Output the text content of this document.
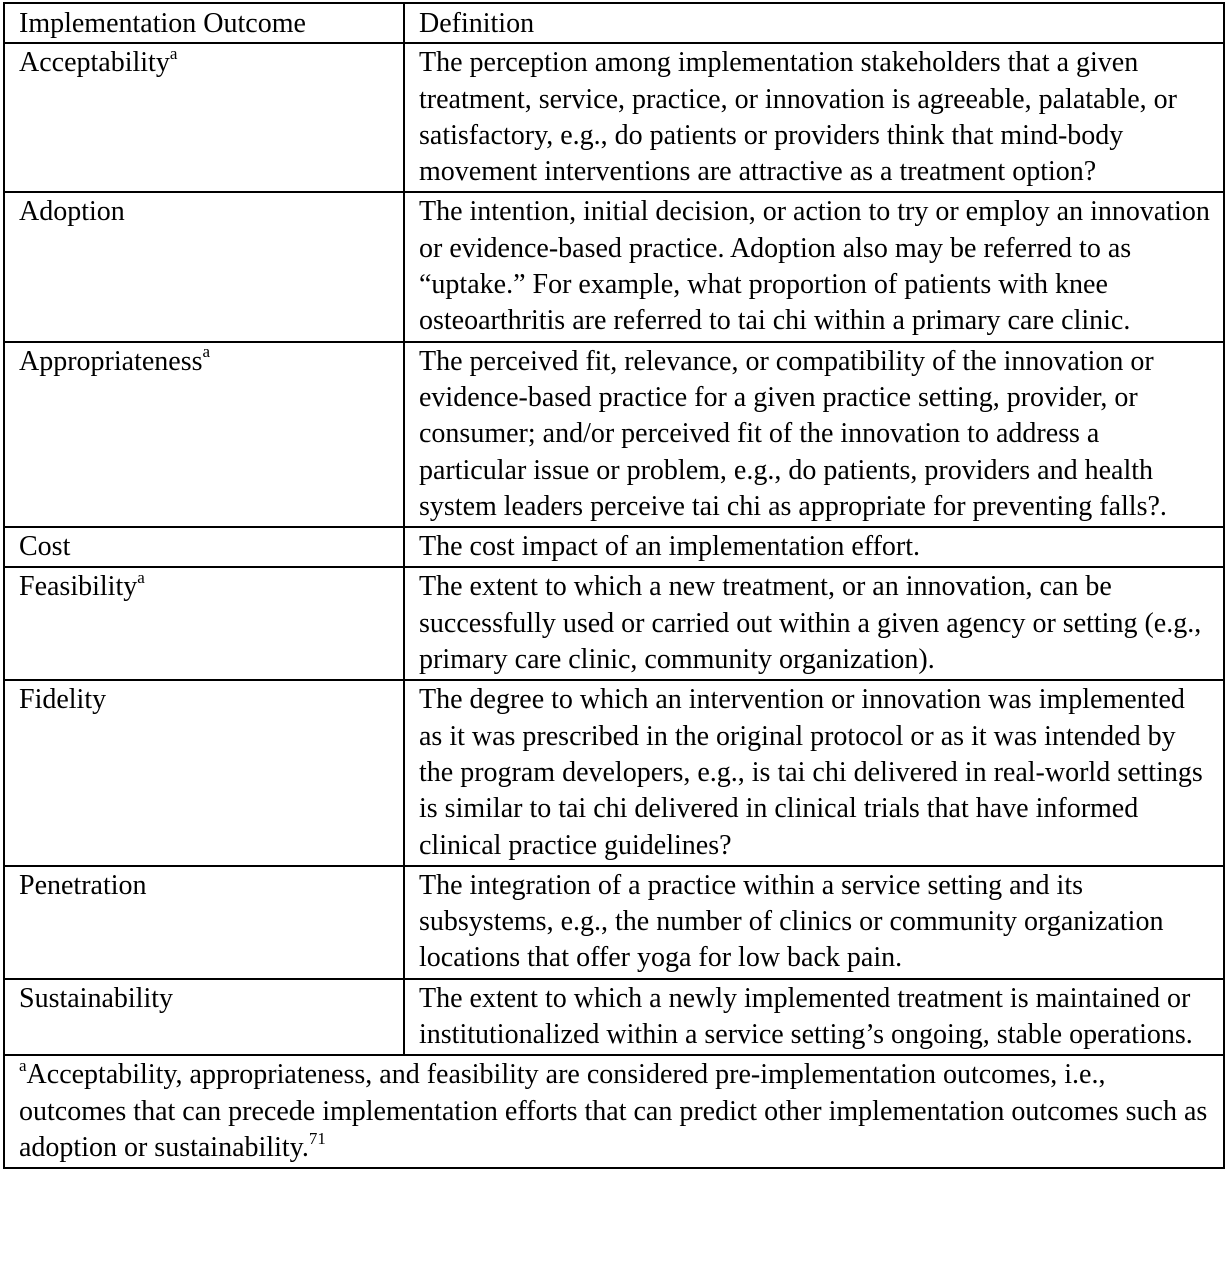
Implementation Outcome	Definition
Acceptability$^a$	The perception among implementation stakeholders that a given treatment, service, practice, or innovation is agreeable, palatable, or satisfactory, e.g., do patients or providers think that mind-body movement interventions are attractive as a treatment option?
Adoption	The intention, initial decision, or action to try or employ an innovation or evidence-based practice. Adoption also may be referred to as “uptake.” For example, what proportion of patients with knee osteoarthritis are referred to tai chi within a primary care clinic.
Appropriateness$^a$	The perceived fit, relevance, or compatibility of the innovation or evidence-based practice for a given practice setting, provider, or consumer; and/or perceived fit of the innovation to address a particular issue or problem, e.g., do patients, providers and health system leaders perceive tai chi as appropriate for preventing falls?.
Cost	The cost impact of an implementation effort.
Feasibility$^a$	The extent to which a new treatment, or an innovation, can be successfully used or carried out within a given agency or setting (e.g., primary care clinic, community organization).
Fidelity	The degree to which an intervention or innovation was implemented as it was prescribed in the original protocol or as it was intended by the program developers, e.g., is tai chi delivered in real-world settings is similar to tai chi delivered in clinical trials that have informed clinical practice guidelines?
Penetration	The integration of a practice within a service setting and its subsystems, e.g., the number of clinics or community organization locations that offer yoga for low back pain.
Sustainability	The extent to which a newly implemented treatment is maintained or institutionalized within a service setting’s ongoing, stable operations.
$^a$Acceptability, appropriateness, and feasibility are considered pre-implementation outcomes, i.e., outcomes that can precede implementation efforts that can predict other implementation outcomes such as adoption or sustainability.$^{71}$
